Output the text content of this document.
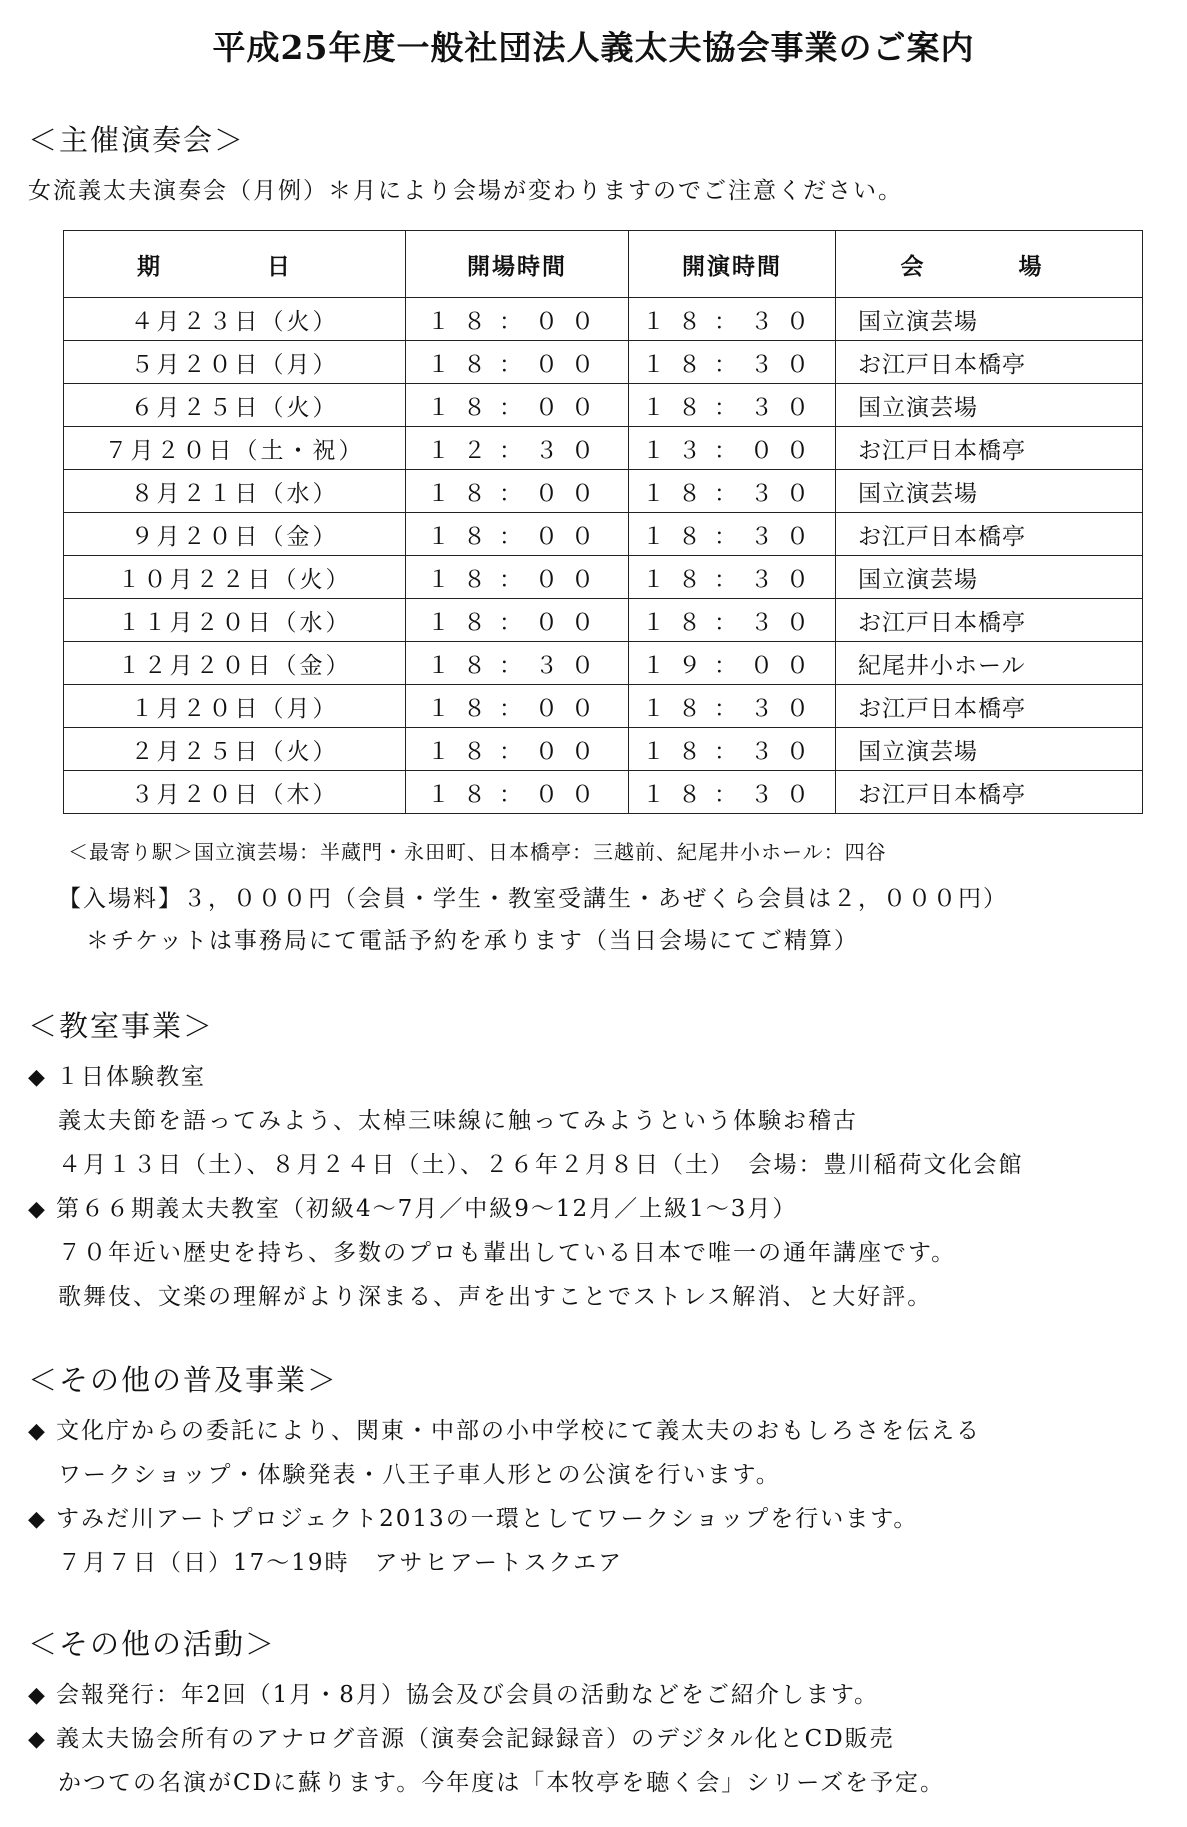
平成25年度一般社団法人義太夫協会事業のご案内
＜主催演奏会＞
女流義太夫演奏会（月例）＊月により会場が変わりますのでご注意ください。
期　日	開場時間	開演時間	会　場
４月２３日（火）	１８：００	１８：３０	国立演芸場
５月２０日（月）	１８：００	１８：３０	お江戸日本橋亭
６月２５日（火）	１８：００	１８：３０	国立演芸場
７月２０日（土・祝）	１２：３０	１３：００	お江戸日本橋亭
８月２１日（水）	１８：００	１８：３０	国立演芸場
９月２０日（金）	１８：００	１８：３０	お江戸日本橋亭
１０月２２日（火）	１８：００	１８：３０	国立演芸場
１１月２０日（水）	１８：００	１８：３０	お江戸日本橋亭
１２月２０日（金）	１８：３０	１９：００	紀尾井小ホール
１月２０日（月）	１８：００	１８：３０	お江戸日本橋亭
２月２５日（火）	１８：００	１８：３０	国立演芸場
３月２０日（木）	１８：００	１８：３０	お江戸日本橋亭
＜最寄り駅＞国立演芸場：半蔵門・永田町、日本橋亭：三越前、紀尾井小ホール：四谷
【入場料】３，０００円（会員・学生・教室受講生・あぜくら会員は２，０００円）
＊チケットは事務局にて電話予約を承ります（当日会場にてご精算）
＜教室事業＞
◆ １日体験教室
義太夫節を語ってみよう、太棹三味線に触ってみようという体験お稽古
４月１３日（土）、８月２４日（土）、２６年２月８日（土）　会場：豊川稲荷文化会館
◆ 第６６期義太夫教室（初級4～7月／中級9～12月／上級1～3月）
７０年近い歴史を持ち、多数のプロも輩出している日本で唯一の通年講座です。
歌舞伎、文楽の理解がより深まる、声を出すことでストレス解消、と大好評。
＜その他の普及事業＞
◆ 文化庁からの委託により、関東・中部の小中学校にて義太夫のおもしろさを伝える
ワークショップ・体験発表・八王子車人形との公演を行います。
◆ すみだ川アートプロジェクト2013の一環としてワークショップを行います。
７月７日（日）17～19時　アサヒアートスクエア
＜その他の活動＞
◆ 会報発行：年2回（1月・8月）協会及び会員の活動などをご紹介します。
◆ 義太夫協会所有のアナログ音源（演奏会記録録音）のデジタル化とCD販売
かつての名演がCDに蘇ります。今年度は「本牧亭を聴く会」シリーズを予定。
